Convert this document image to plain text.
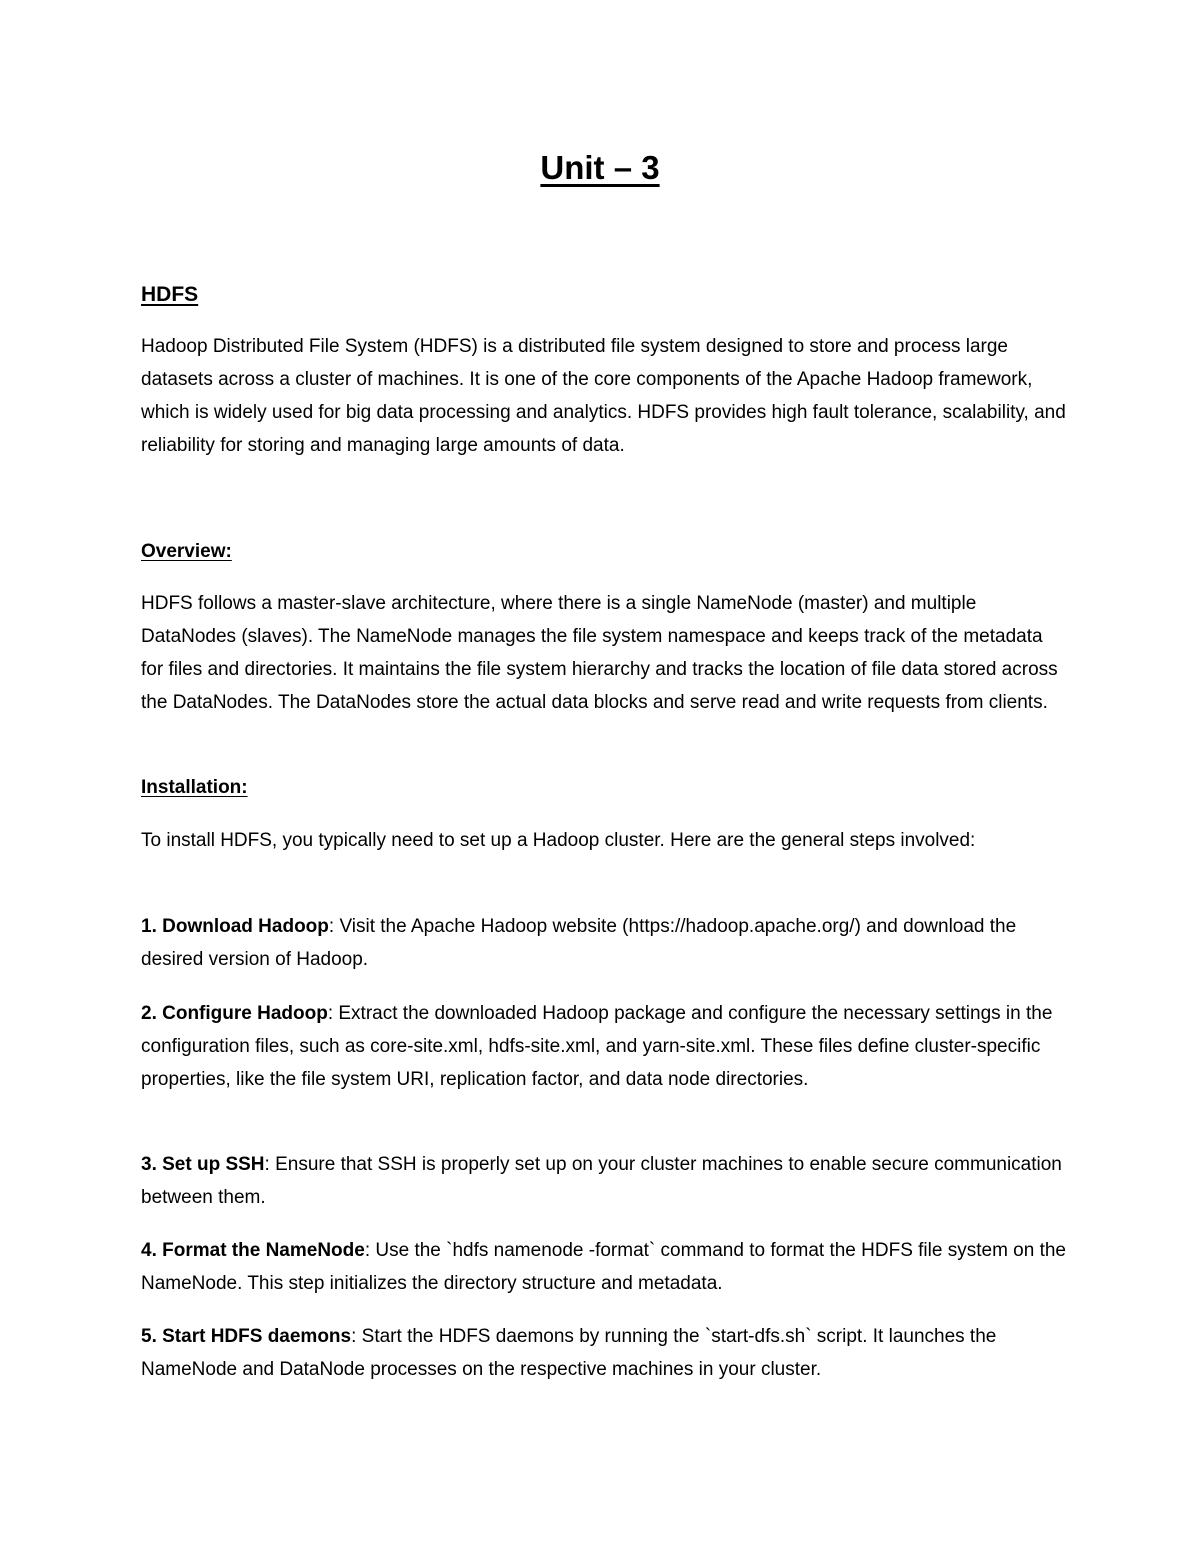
Unit – 3
HDFS

Hadoop Distributed File System (HDFS) is a distributed file system designed to store and process large datasets across a cluster of machines. It is one of the core components of the Apache Hadoop framework, which is widely used for big data processing and analytics. HDFS provides high fault tolerance, scalability, and reliability for storing and managing large amounts of data.

Overview:

HDFS follows a master-slave architecture, where there is a single NameNode (master) and multiple DataNodes (slaves). The NameNode manages the file system namespace and keeps track of the metadata for files and directories. It maintains the file system hierarchy and tracks the location of file data stored across the DataNodes. The DataNodes store the actual data blocks and serve read and write requests from clients.

Installation:

To install HDFS, you typically need to set up a Hadoop cluster. Here are the general steps involved:

1. Download Hadoop: Visit the Apache Hadoop website (https://hadoop.apache.org/) and download the desired version of Hadoop.

2. Configure Hadoop: Extract the downloaded Hadoop package and configure the necessary settings in the configuration files, such as core-site.xml, hdfs-site.xml, and yarn-site.xml. These files define cluster-specific properties, like the file system URI, replication factor, and data node directories.

3. Set up SSH: Ensure that SSH is properly set up on your cluster machines to enable secure communication between them.

4. Format the NameNode: Use the `hdfs namenode -format` command to format the HDFS file system on the NameNode. This step initializes the directory structure and metadata.

5. Start HDFS daemons: Start the HDFS daemons by running the `start-dfs.sh` script. It launches the NameNode and DataNode processes on the respective machines in your cluster.
